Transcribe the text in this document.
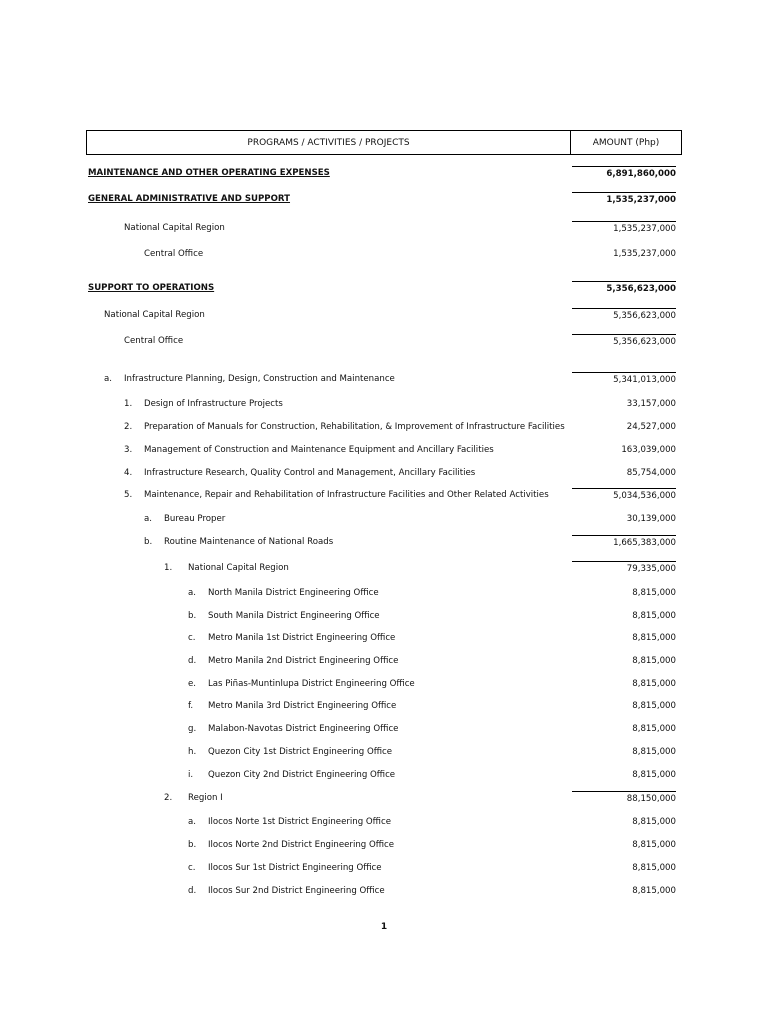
PROGRAMS / ACTIVITIES / PROJECTS	AMOUNT (Php)
MAINTENANCE AND OTHER OPERATING EXPENSES	6,891,860,000
GENERAL ADMINISTRATIVE AND SUPPORT	1,535,237,000
National Capital Region	1,535,237,000
Central Office	1,535,237,000
SUPPORT TO OPERATIONS	5,356,623,000
National Capital Region	5,356,623,000
Central Office	5,356,623,000
a. Infrastructure Planning, Design, Construction and Maintenance	5,341,013,000
1. Design of Infrastructure Projects	33,157,000
2. Preparation of Manuals for Construction, Rehabilitation, & Improvement of Infrastructure Facilities	24,527,000
3. Management of Construction and Maintenance Equipment and Ancillary Facilities	163,039,000
4. Infrastructure Research, Quality Control and Management, Ancillary Facilities	85,754,000
5. Maintenance, Repair and Rehabilitation of Infrastructure Facilities and Other Related Activities	5,034,536,000
a. Bureau Proper	30,139,000
b. Routine Maintenance of National Roads	1,665,383,000
1. National Capital Region	79,335,000
a. North Manila District Engineering Office	8,815,000
b. South Manila District Engineering Office	8,815,000
c. Metro Manila 1st District Engineering Office	8,815,000
d. Metro Manila 2nd District Engineering Office	8,815,000
e. Las Piñas-Muntinlupa District Engineering Office	8,815,000
f. Metro Manila 3rd District Engineering Office	8,815,000
g. Malabon-Navotas District Engineering Office	8,815,000
h. Quezon City 1st District Engineering Office	8,815,000
i. Quezon City 2nd District Engineering Office	8,815,000
2. Region I	88,150,000
a. Ilocos Norte 1st District Engineering Office	8,815,000
b. Ilocos Norte 2nd District Engineering Office	8,815,000
c. Ilocos Sur 1st District Engineering Office	8,815,000
d. Ilocos Sur 2nd District Engineering Office	8,815,000
1
